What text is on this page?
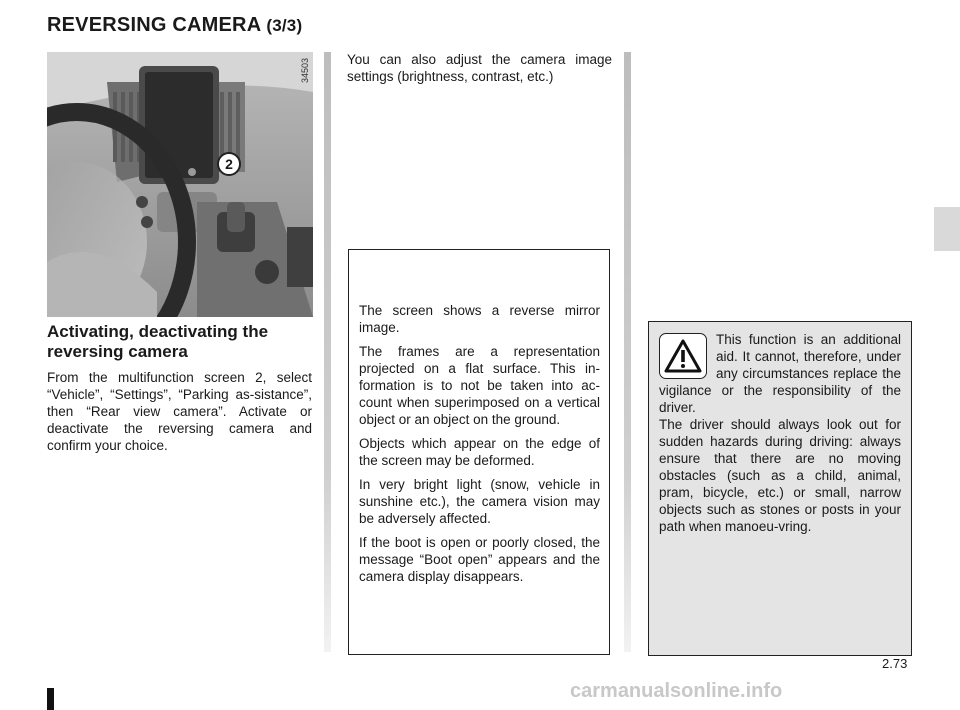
REVERSING CAMERA (3/3)
34503
2
Activating, deactivating the reversing camera

From the multifunction screen 2, select “Vehicle”, “Settings”, “Parking as-sistance”, then “Rear view camera”. Activate or deactivate the reversing camera and confirm your choice.

You can also adjust the camera image settings (brightness, contrast, etc.)

The screen shows a reverse mirror image.

The frames are a representation projected on a flat surface. This in-formation is to not be taken into ac-count when superimposed on a vertical object or an object on the ground.

Objects which appear on the edge of the screen may be deformed.

In very bright light (snow, vehicle in sunshine etc.), the camera vision may be adversely affected.

If the boot is open or poorly closed, the message “Boot open” appears and the camera display disappears.

This function is an additional aid. It cannot, therefore, under any circumstances replace the vigilance or the responsibility of the driver.

The driver should always look out for sudden hazards during driving: always ensure that there are no moving obstacles (such as a child, animal, pram, bicycle, etc.) or small, narrow objects such as stones or posts in your path when manoeu-vring.

2.73
carmanualsonline.info
